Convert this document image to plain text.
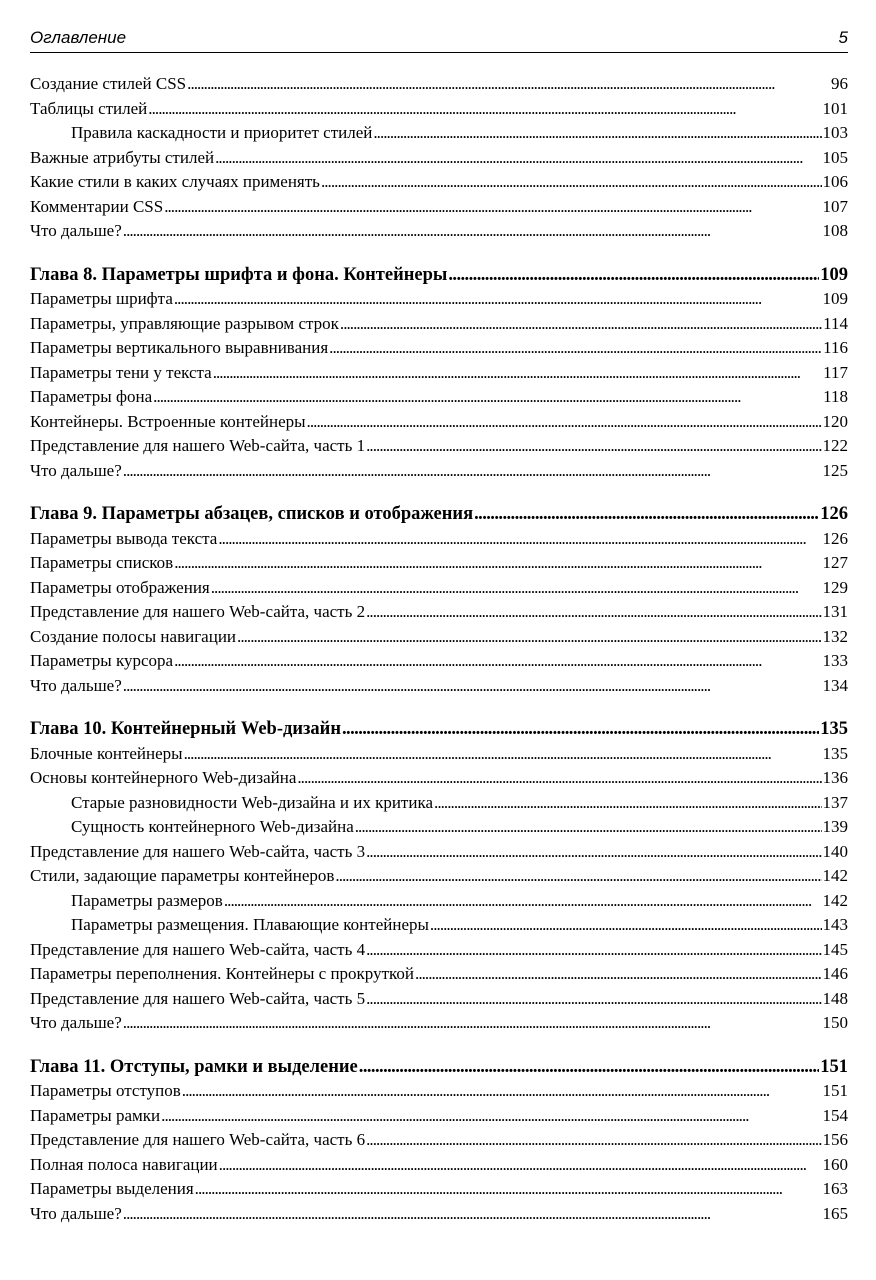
Оглавление	5
Создание стилей CSS . . .	96
Таблицы стилей . . .	101
Правила каскадности и приоритет стилей . . .	103
Важные атрибуты стилей . . .	105
Какие стили в каких случаях применять . . .	106
Комментарии CSS . . .	107
Что дальше? . . .	108
Глава 8. Параметры шрифта и фона. Контейнеры . . .	109
Параметры шрифта . . .	109
Параметры, управляющие разрывом строк . . .	114
Параметры вертикального выравнивания . . .	116
Параметры тени у текста . . .	117
Параметры фона . . .	118
Контейнеры. Встроенные контейнеры . . .	120
Представление для нашего Web-сайта, часть 1 . . .	122
Что дальше? . . .	125
Глава 9. Параметры абзацев, списков и отображения . . .	126
Параметры вывода текста . . .	126
Параметры списков . . .	127
Параметры отображения . . .	129
Представление для нашего Web-сайта, часть 2 . . .	131
Создание полосы навигации . . .	132
Параметры курсора . . .	133
Что дальше? . . .	134
Глава 10. Контейнерный Web-дизайн . . .	135
Блочные контейнеры . . .	135
Основы контейнерного Web-дизайна . . .	136
Старые разновидности Web-дизайна и их критика . . .	137
Сущность контейнерного Web-дизайна . . .	139
Представление для нашего Web-сайта, часть 3 . . .	140
Стили, задающие параметры контейнеров . . .	142
Параметры размеров . . .	142
Параметры размещения. Плавающие контейнеры . . .	143
Представление для нашего Web-сайта, часть 4 . . .	145
Параметры переполнения. Контейнеры с прокруткой . . .	146
Представление для нашего Web-сайта, часть 5 . . .	148
Что дальше? . . .	150
Глава 11. Отступы, рамки и выделение . . .	151
Параметры отступов . . .	151
Параметры рамки . . .	154
Представление для нашего Web-сайта, часть 6 . . .	156
Полная полоса навигации . . .	160
Параметры выделения . . .	163
Что дальше? . . .	165
